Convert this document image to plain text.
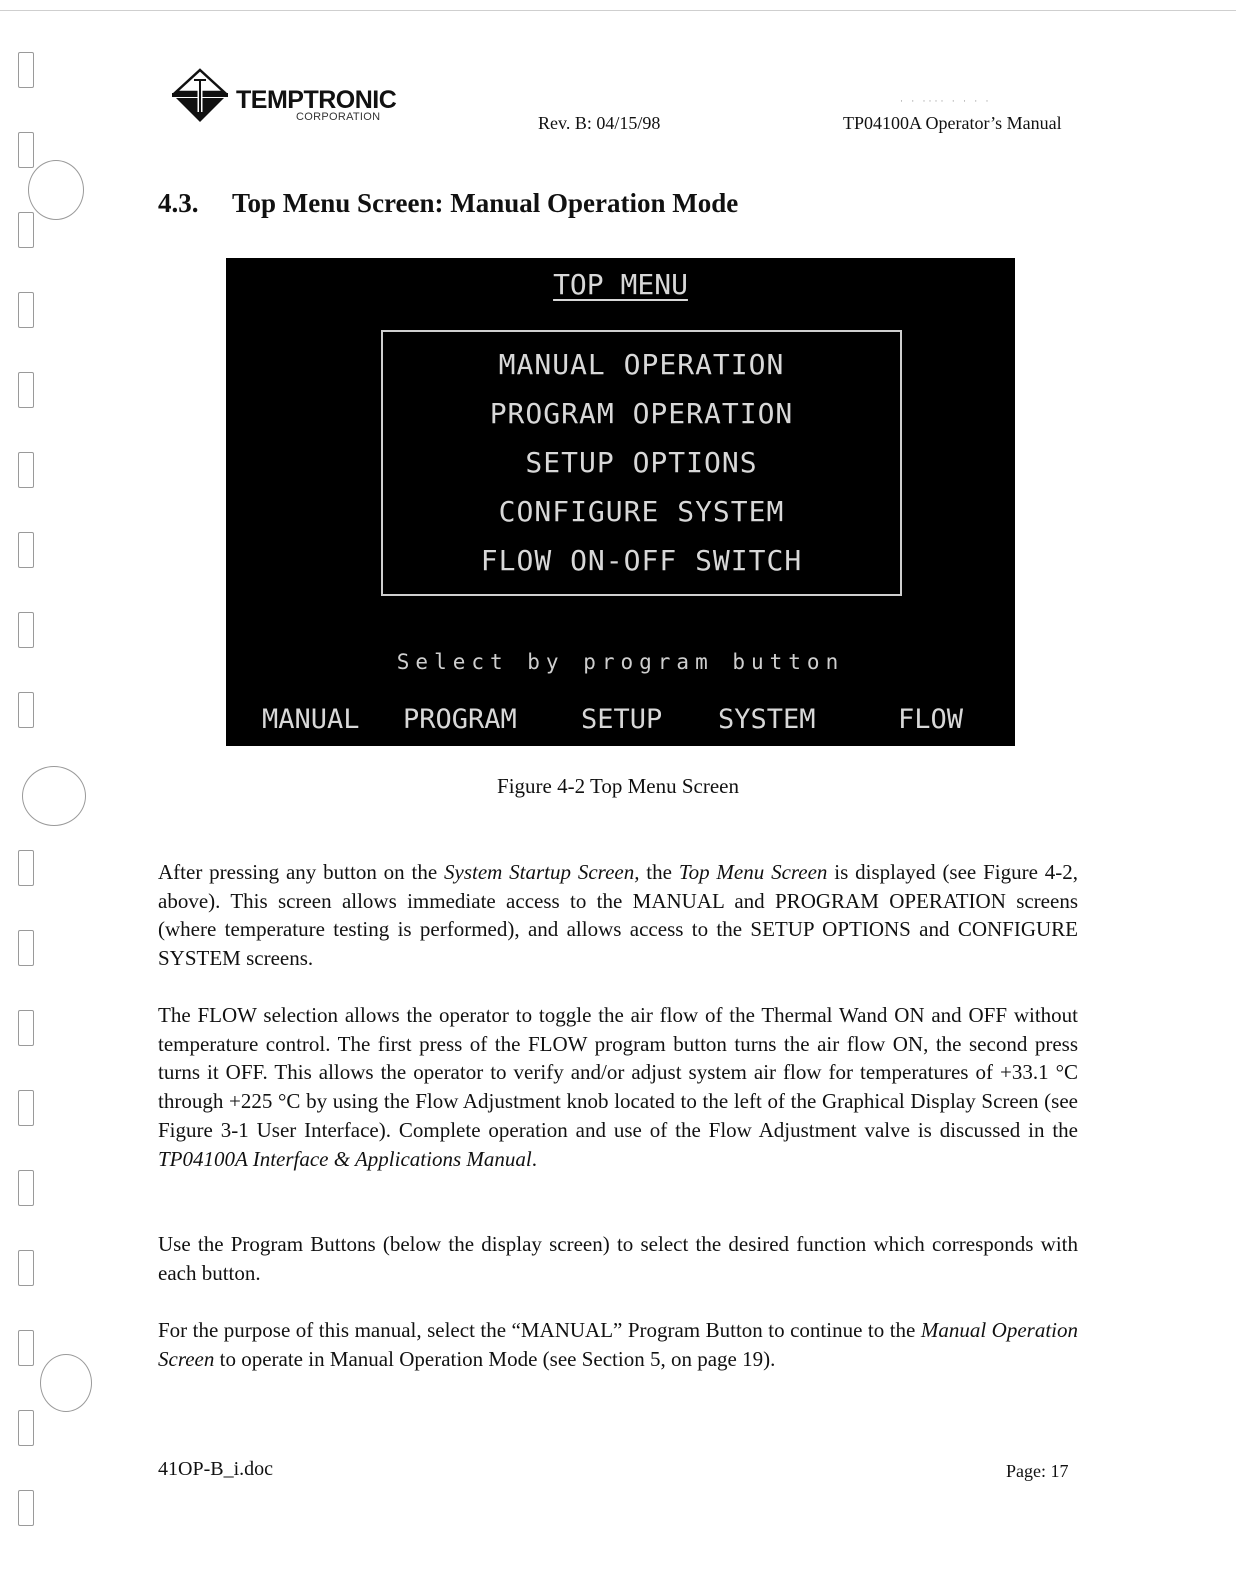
TEMPTRONIC
CORPORATION
· · ···· · · · ·
Rev. B: 04/15/98	TP04100A Operator’s Manual
4.3. Top Menu Screen: Manual Operation Mode
TOP MENU
MANUAL OPERATION
PROGRAM OPERATION
SETUP OPTIONS
CONFIGURE SYSTEM
FLOW ON-OFF SWITCH
Select by program button
MANUAL PROGRAM SETUP SYSTEM	FLOW
Figure 4-2 Top Menu Screen
After pressing any button on the System Startup Screen, the Top Menu Screen is displayed (see Figure 4-2, above). This screen allows immediate access to the MANUAL and PROGRAM OPERATION screens (where temperature testing is performed), and allows access to the SETUP OPTIONS and CONFIGURE SYSTEM screens.
The FLOW selection allows the operator to toggle the air flow of the Thermal Wand ON and OFF without temperature control. The first press of the FLOW program button turns the air flow ON, the second press turns it OFF. This allows the operator to verify and/or adjust system air flow for temperatures of +33.1 °C through +225 °C by using the Flow Adjustment knob located to the left of the Graphical Display Screen (see Figure 3-1 User Interface). Complete operation and use of the Flow Adjustment valve is discussed in the TP04100A Interface & Applications Manual.
Use the Program Buttons (below the display screen) to select the desired function which corresponds with each button.
For the purpose of this manual, select the “MANUAL” Program Button to continue to the Manual Operation Screen to operate in Manual Operation Mode (see Section 5, on page 19).
41OP-B_i.doc	Page: 17
